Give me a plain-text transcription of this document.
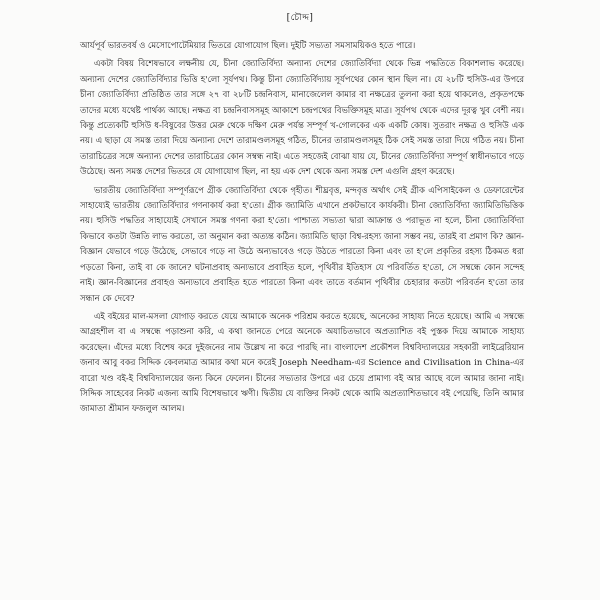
[চৌদ্দ]

আর্যপূর্ব ভারতবর্ষ ও মেসোপোটেমিয়ার ভিতরে যোগাযোগ ছিল। দুইটি সভ্যতা সমসাময়িকও হতে পারে।

একটা বিষয় বিশেষভাবে লক্ষনীয় যে, চীনা জ্যোতির্বিদ্যা অন্যান্য দেশের জ্যোতির্বিদ্যা থেকে ভিন্ন পদ্ধতিতে বিকাশলাভ করেছে। অন্যান্য দেশের জ্যোতির্বিদ্যার ভিত্তি হ'লো সূর্যপথ। কিন্তু চীনা জ্যোতির্বিদ্যায় সূর্যপথের কোন স্থান ছিল না। যে ২৮টি হুসিউ-এর উপরে চীনা জ্যোতির্বিদ্যা প্রতিষ্ঠিত তার সঙ্গে ২৭ বা ২৮টি চন্দ্রনিবাস, মানাজেলেল কামার বা নক্ষত্রের তুলনা করা হয়ে থাকলেও, প্রকৃতপক্ষে তাদের মধ্যে যথেষ্ট পার্থক্য আছে। নক্ষত্র বা চন্দ্রনিবাসসমূহ আকাশে চন্দ্রপথের বিভক্তিসমূহ মাত্র। সূর্যপথ থেকে এদের দূরত্ব খুব বেশী নয়। কিন্তু প্রত্যেকটি হুসিউ ধ-বিষুবের উত্তর মেরু থেকে দক্ষিণ মেরু পর্যন্ত সম্পূর্ণ খ-গোলকের এক একটি কোষ। সুতরাং নক্ষত্র ও হুসিউ এক নয়। এ ছাড়া যে সমস্ত তারা দিয়ে অন্যান্য দেশে তারামণ্ডলসমূহ গঠিত, চীনের তারামণ্ডলসমূহ ঠিক সেই সমস্ত তারা দিয়ে গঠিত নয়। চীনা তারাচিত্রের সঙ্গে অন্যান্য দেশের তারাচিত্রের কোন সম্বন্ধ নাই। এতে সহজেই বোঝা যায় যে, চীনের জ্যোতির্বিদ্যা সম্পূর্ণ স্বাধীনভাবে গড়ে উঠেছে। অন্য সমস্ত দেশের ভিতরে যে যোগাযোগ ছিল, না হয় এক দেশ থেকে অন্য সমস্ত দেশ এগুলি গ্রহণ করেছে।

ভারতীয় জ্যোতির্বিদ্যা সম্পূর্ণরূপে গ্রীক জ্যোতির্বিদ্যা থেকে গৃহীত। শীঘ্রবৃত্ত, মন্দবৃত্ত অর্থাৎ সেই গ্রীক এপিসাইকেল ও ডেফারেন্টের সাহায্যেই ভারতীয় জ্যোতির্বিদ্যার গণনাকার্য করা হ'তো। গ্রীক জ্যামিতি এখানে প্রকটভাবে কার্যকরী। চীনা জ্যোতির্বিদ্যা জ্যামিতিভিত্তিক নয়। হুসিউ পদ্ধতির সাহায্যেই সেখানে সমস্ত গণনা করা হ'তো। পাশ্চাত্য সভ্যতা দ্বারা আক্রান্ত ও পরাভূত না হলে, চীনা জ্যোতির্বিদ্যা কিভাবে কতটা উন্নতি লাভ করতো, তা অনুমান করা অত্যন্ত কঠিন। জ্যামিতি ছাড়া বিশ্ব-রহস্য জানা সম্ভব নয়, তারই বা প্রমাণ কি? জ্ঞান-বিজ্ঞান যেভাবে গড়ে উঠেছে, সেভাবে গড়ে না উঠে অন্যভাবেও গড়ে উঠতে পারতো কিনা এবং তা হ'লে প্রকৃতির রহস্য ঠিকমত ধরা পড়তো কিনা, তাই বা কে জানে? ঘটনাপ্রবাহ অন্যভাবে প্রবাহিত হলে, পৃথিবীর ইতিহাস যে পরিবর্তিত হ'তো, সে সম্বন্ধে কোন সন্দেহ নাই। জ্ঞান-বিজ্ঞানের প্রবাহও অন্যভাবে প্রবাহিত হতে পারতো কিনা এবং তাতে বর্তমান পৃথিবীর চেহারার কতটা পরিবর্তন হ'তো তার সন্ধান কে দেবে?

এই বইয়ের মাল-মসলা যোগাড় করতে যেয়ে আমাকে অনেক পরিশ্রম করতে হয়েছে, অনেকের সাহায্য নিতে হয়েছে। আমি এ সম্বন্ধে আগ্রহশীল বা এ সম্বন্ধে পড়াশুনা করি, এ কথা জানতে পেরে অনেকে অযাচিতভাবে অপ্রত্যাশিত বই পুস্তক দিয়ে আমাকে সাহায্য করেছেন। এঁদের মধ্যে বিশেষ করে দুইজনের নাম উল্লেখ না করে পারছি না। বাংলাদেশ প্রকৌশল বিশ্ববিদ্যালয়ের সহকারী লাইব্রেরিয়ান জনাব আবু বকর সিদ্দিক কেবলমাত্র আমার কথা মনে করেই Joseph Needham-এর Science and Civilisation in China-এর বারো খণ্ড বই-ই বিশ্ববিদ্যালয়ের জন্য কিনে ফেলেন। চীনের সভ্যতার উপরে এর চেয়ে প্রামাণ্য বই আর আছে বলে আমার জানা নাই। সিদ্দিক সাহেবের নিকট এজন্য আমি বিশেষভাবে ঋণী। দ্বিতীয় যে ব্যক্তির নিকট থেকে আমি অপ্রত্যাশিতভাবে বই পেয়েছি, তিনি আমার জামাতা শ্রীমান ফজলুল আলম।
